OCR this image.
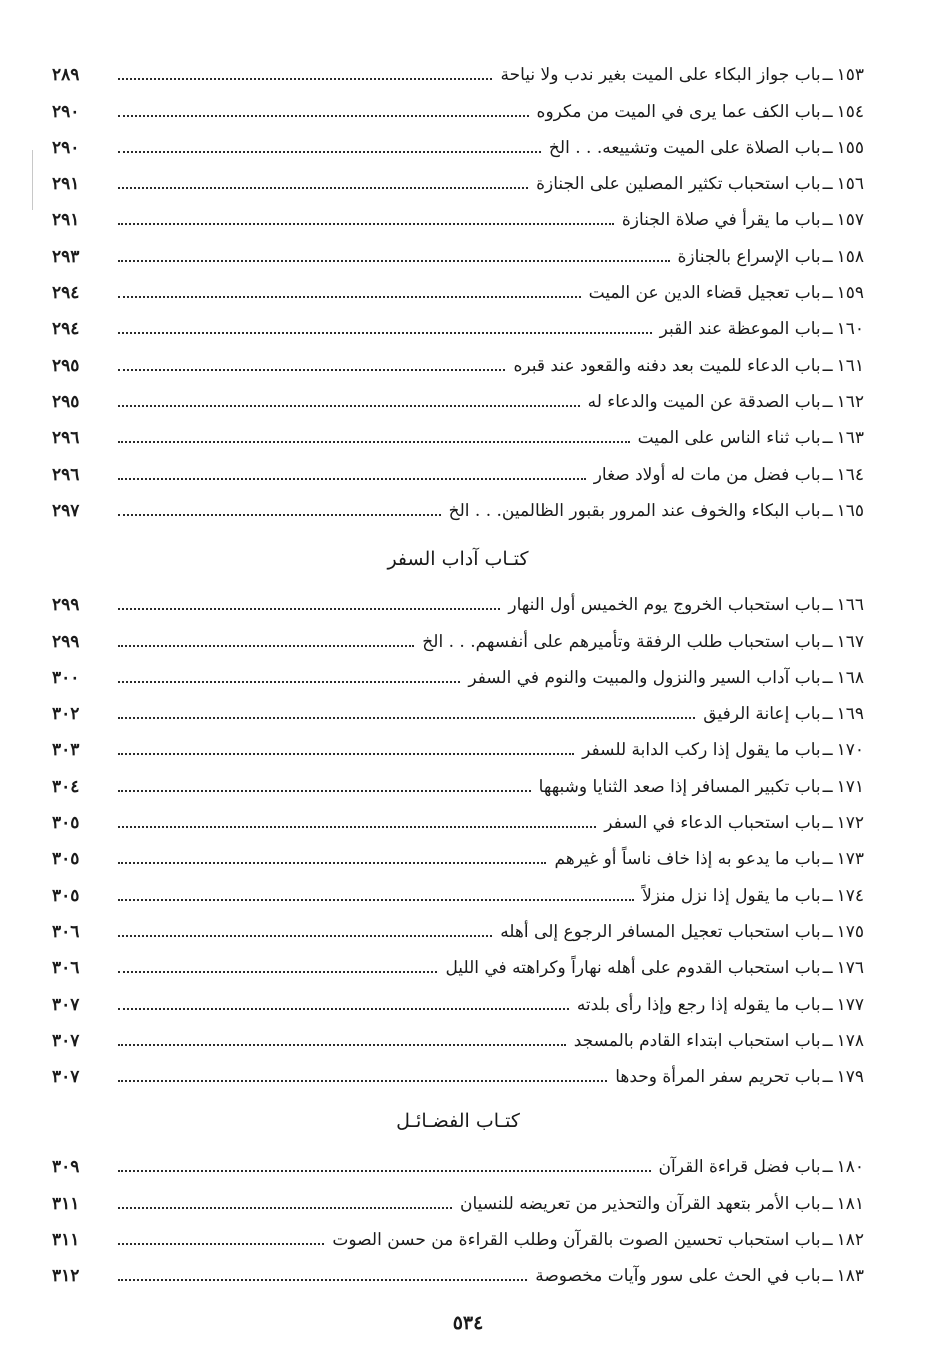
١٥٣
ــ
باب جواز البكاء على الميت بغير ندب ولا نياحة
٢٨٩
١٥٤
ــ
باب الكف عما يرى في الميت من مكروه
٢٩٠
١٥٥
ــ
باب الصلاة على الميت وتشييعه. . . الخ
٢٩٠
١٥٦
ــ
باب استحباب تكثير المصلين على الجنازة
٢٩١
١٥٧
ــ
باب ما يقرأ في صلاة الجنازة
٢٩١
١٥٨
ــ
باب الإسراع بالجنازة
٢٩٣
١٥٩
ــ
باب تعجيل قضاء الدين عن الميت
٢٩٤
١٦٠
ــ
باب الموعظة عند القبر
٢٩٤
١٦١
ــ
باب الدعاء للميت بعد دفنه والقعود عند قبره
٢٩٥
١٦٢
ــ
باب الصدقة عن الميت والدعاء له
٢٩٥
١٦٣
ــ
باب ثناء الناس على الميت
٢٩٦
١٦٤
ــ
باب فضل من مات له أولاد صغار
٢٩٦
١٦٥
ــ
باب البكاء والخوف عند المرور بقبور الظالمين. . . الخ
٢٩٧
كتـاب آداب السفر
١٦٦
ــ
باب استحباب الخروج يوم الخميس أول النهار
٢٩٩
١٦٧
ــ
باب استحباب طلب الرفقة وتأميرهم على أنفسهم. . . الخ
٢٩٩
١٦٨
ــ
باب آداب السير والنزول والمبيت والنوم في السفر
٣٠٠
١٦٩
ــ
باب إعانة الرفيق
٣٠٢
١٧٠
ــ
باب ما يقول إذا ركب الدابة للسفر
٣٠٣
١٧١
ــ
باب تكبير المسافر إذا صعد الثنايا وشبهها
٣٠٤
١٧٢
ــ
باب استحباب الدعاء في السفر
٣٠٥
١٧٣
ــ
باب ما يدعو به إذا خاف ناساً أو غيرهم
٣٠٥
١٧٤
ــ
باب ما يقول إذا نزل منزلاً
٣٠٥
١٧٥
ــ
باب استحباب تعجيل المسافر الرجوع إلى أهله
٣٠٦
١٧٦
ــ
باب استحباب القدوم على أهله نهاراً وكراهته في الليل
٣٠٦
١٧٧
ــ
باب ما يقوله إذا رجع وإذا رأى بلدته
٣٠٧
١٧٨
ــ
باب استحباب ابتداء القادم بالمسجد
٣٠٧
١٧٩
ــ
باب تحريم سفر المرأة وحدها
٣٠٧
كتـاب الفضـائـل
١٨٠
ــ
باب فضل قراءة القرآن
٣٠٩
١٨١
ــ
باب الأمر بتعهد القرآن والتحذير من تعريضه للنسيان
٣١١
١٨٢
ــ
باب استحباب تحسين الصوت بالقرآن وطلب القراءة من حسن الصوت
٣١١
١٨٣
ــ
باب في الحث على سور وآيات مخصوصة
٣١٢
٥٣٤
